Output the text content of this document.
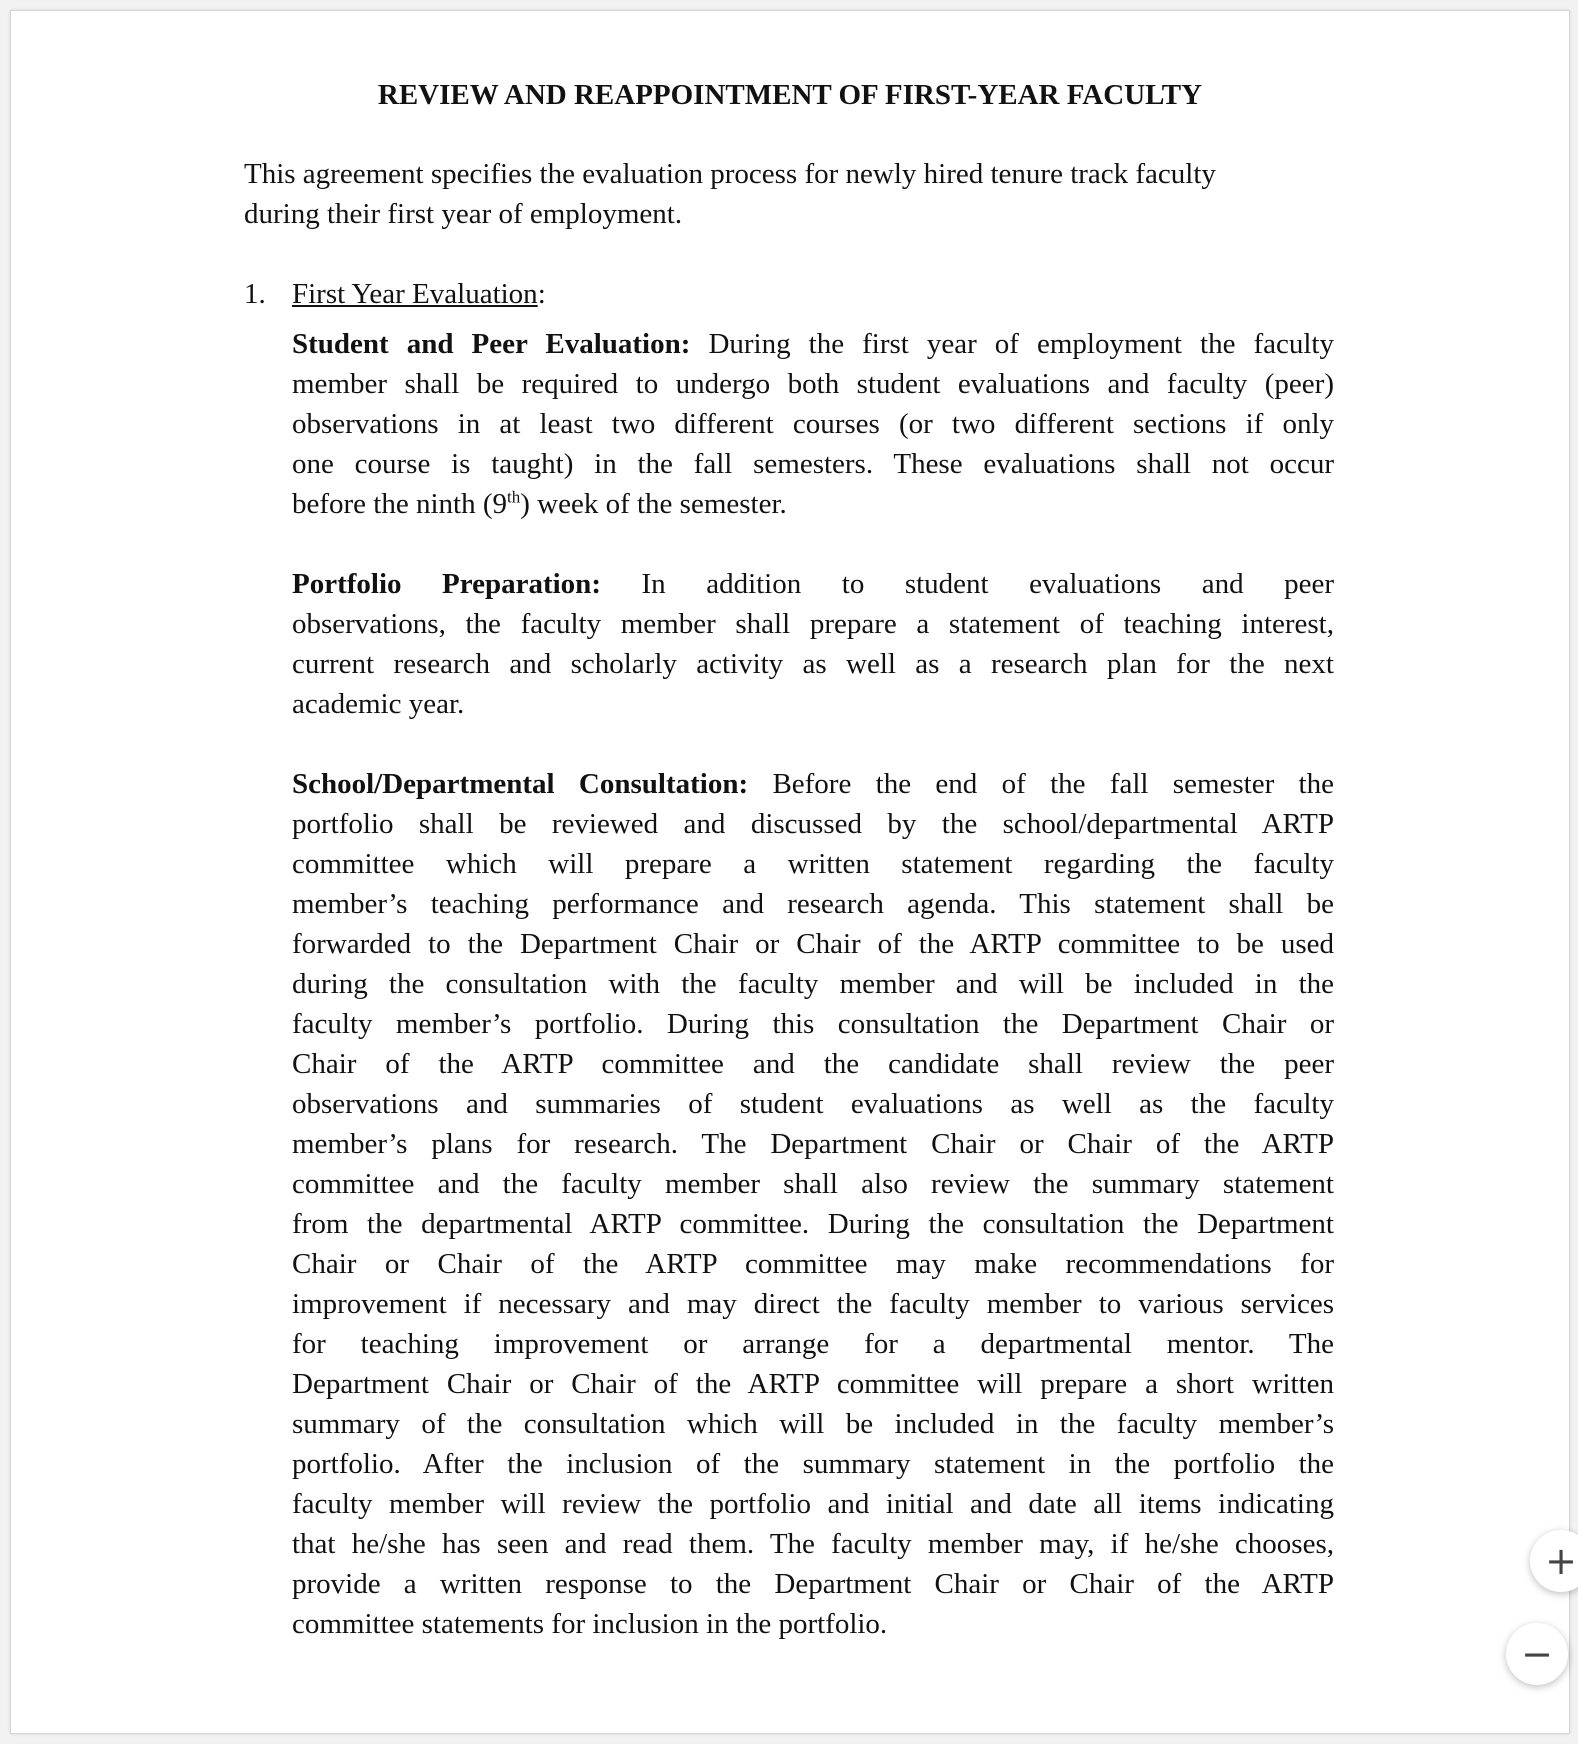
REVIEW AND REAPPOINTMENT OF FIRST-YEAR FACULTY
This agreement specifies the evaluation process for newly hired tenure track faculty
during their first year of employment.
1. First Year Evaluation:
Student and Peer Evaluation: During the first year of employment the faculty
member shall be required to undergo both student evaluations and faculty (peer)
observations in at least two different courses (or two different sections if only
one course is taught) in the fall semesters. These evaluations shall not occur
before the ninth (9th) week of the semester.
Portfolio Preparation: In addition to student evaluations and peer
observations, the faculty member shall prepare a statement of teaching interest,
current research and scholarly activity as well as a research plan for the next
academic year.
School/Departmental Consultation: Before the end of the fall semester the
portfolio shall be reviewed and discussed by the school/departmental ARTP
committee which will prepare a written statement regarding the faculty
member’s teaching performance and research agenda. This statement shall be
forwarded to the Department Chair or Chair of the ARTP committee to be used
during the consultation with the faculty member and will be included in the
faculty member’s portfolio. During this consultation the Department Chair or
Chair of the ARTP committee and the candidate shall review the peer
observations and summaries of student evaluations as well as the faculty
member’s plans for research. The Department Chair or Chair of the ARTP
committee and the faculty member shall also review the summary statement
from the departmental ARTP committee. During the consultation the Department
Chair or Chair of the ARTP committee may make recommendations for
improvement if necessary and may direct the faculty member to various services
for teaching improvement or arrange for a departmental mentor. The
Department Chair or Chair of the ARTP committee will prepare a short written
summary of the consultation which will be included in the faculty member’s
portfolio. After the inclusion of the summary statement in the portfolio the
faculty member will review the portfolio and initial and date all items indicating
that he/she has seen and read them. The faculty member may, if he/she chooses,
provide a written response to the Department Chair or Chair of the ARTP
committee statements for inclusion in the portfolio.
+
−
